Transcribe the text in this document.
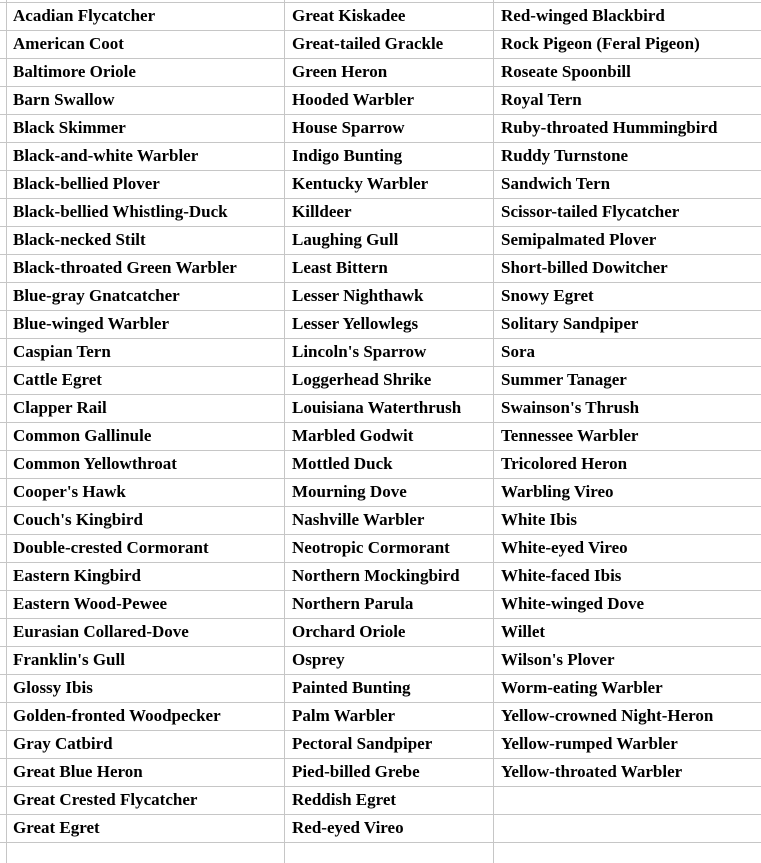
Acadian Flycatcher	Great Kiskadee	Red-winged Blackbird
American Coot	Great-tailed Grackle	Rock Pigeon (Feral Pigeon)
Baltimore Oriole	Green Heron	Roseate Spoonbill
Barn Swallow	Hooded Warbler	Royal Tern
Black Skimmer	House Sparrow	Ruby-throated Hummingbird
Black-and-white Warbler	Indigo Bunting	Ruddy Turnstone
Black-bellied Plover	Kentucky Warbler	Sandwich Tern
Black-bellied Whistling-Duck	Killdeer	Scissor-tailed Flycatcher
Black-necked Stilt	Laughing Gull	Semipalmated Plover
Black-throated Green Warbler	Least Bittern	Short-billed Dowitcher
Blue-gray Gnatcatcher	Lesser Nighthawk	Snowy Egret
Blue-winged Warbler	Lesser Yellowlegs	Solitary Sandpiper
Caspian Tern	Lincoln's Sparrow	Sora
Cattle Egret	Loggerhead Shrike	Summer Tanager
Clapper Rail	Louisiana Waterthrush	Swainson's Thrush
Common Gallinule	Marbled Godwit	Tennessee Warbler
Common Yellowthroat	Mottled Duck	Tricolored Heron
Cooper's Hawk	Mourning Dove	Warbling Vireo
Couch's Kingbird	Nashville Warbler	White Ibis
Double-crested Cormorant	Neotropic Cormorant	White-eyed Vireo
Eastern Kingbird	Northern Mockingbird	White-faced Ibis
Eastern Wood-Pewee	Northern Parula	White-winged Dove
Eurasian Collared-Dove	Orchard Oriole	Willet
Franklin's Gull	Osprey	Wilson's Plover
Glossy Ibis	Painted Bunting	Worm-eating Warbler
Golden-fronted Woodpecker	Palm Warbler	Yellow-crowned Night-Heron
Gray Catbird	Pectoral Sandpiper	Yellow-rumped Warbler
Great Blue Heron	Pied-billed Grebe	Yellow-throated Warbler
Great Crested Flycatcher	Reddish Egret
Great Egret	Red-eyed Vireo
